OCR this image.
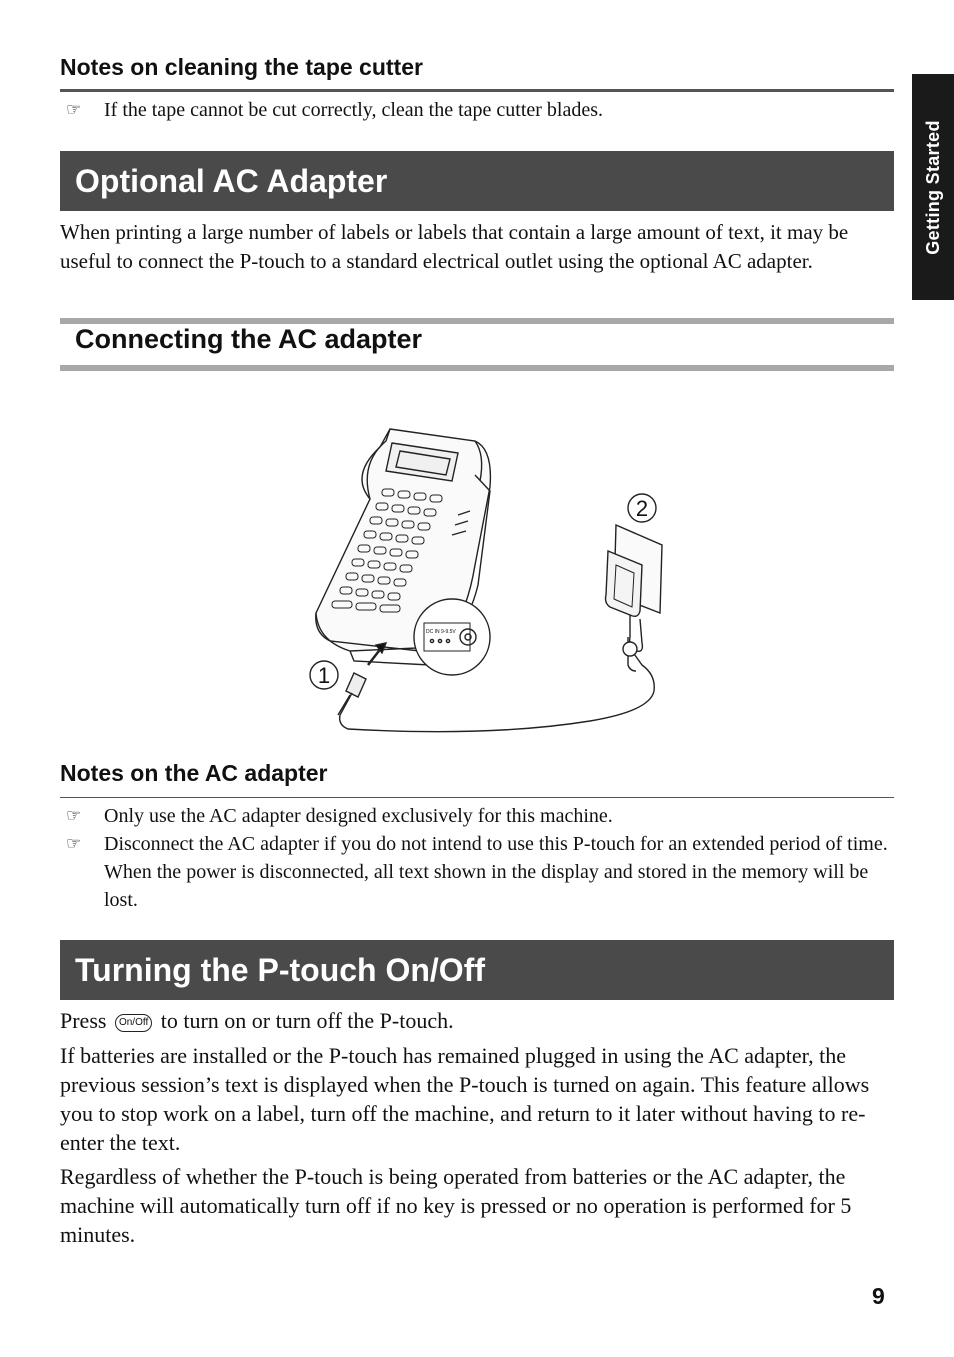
Getting Started
Notes on cleaning the tape cutter
☞ If the tape cannot be cut correctly, clean the tape cutter blades.
Optional AC Adapter

When printing a large number of labels or labels that contain a large amount of text, it may be useful to connect the P-touch to a standard electrical outlet using the optional AC adapter.

Connecting the AC adapter
2
1
DC IN 9-9.5V
Notes on the AC adapter
☞ Only use the AC adapter designed exclusively for this machine.
☞ Disconnect the AC adapter if you do not intend to use this P-touch for an extended period of time. When the power is disconnected, all text shown in the display and stored in the memory will be lost.
Turning the P-touch On/Off

Press On/Off to turn on or turn off the P-touch.

If batteries are installed or the P-touch has remained plugged in using the AC adapter, the previous session’s text is displayed when the P-touch is turned on again. This feature allows you to stop work on a label, turn off the machine, and return to it later without having to re-enter the text.

Regardless of whether the P-touch is being operated from batteries or the AC adapter, the machine will automatically turn off if no key is pressed or no operation is performed for 5 minutes.

9
